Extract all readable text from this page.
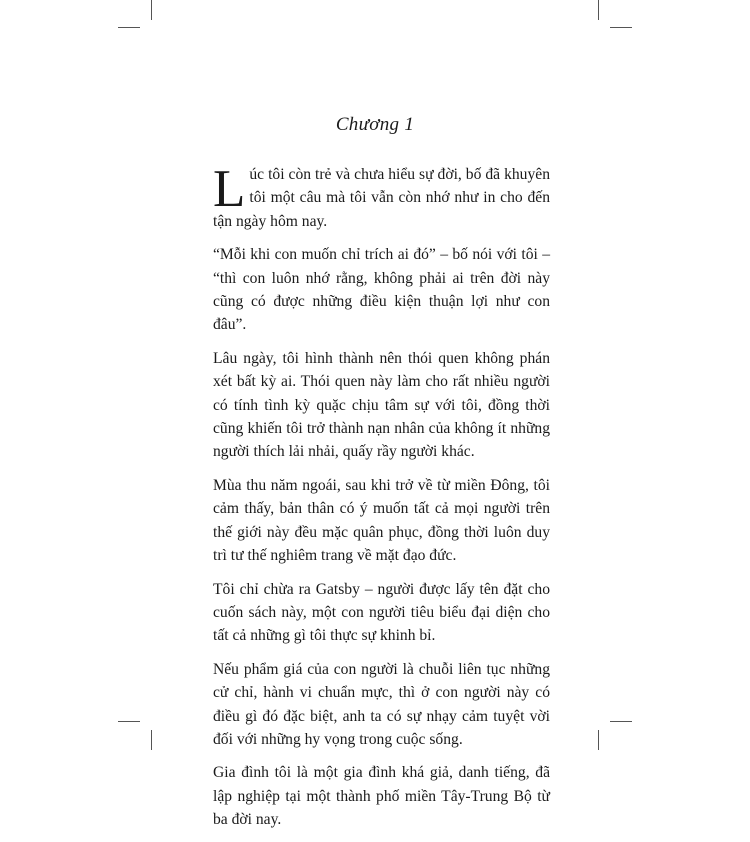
Chương 1

Lúc tôi còn trẻ và chưa hiểu sự đời, bố đã khuyên tôi một câu mà tôi vẫn còn nhớ như in cho đến tận ngày hôm nay.

“Mỗi khi con muốn chỉ trích ai đó” – bố nói với tôi – “thì con luôn nhớ rằng, không phải ai trên đời này cũng có được những điều kiện thuận lợi như con đâu”.

Lâu ngày, tôi hình thành nên thói quen không phán xét bất kỳ ai. Thói quen này làm cho rất nhiều người có tính tình kỳ quặc chịu tâm sự với tôi, đồng thời cũng khiến tôi trở thành nạn nhân của không ít những người thích lải nhải, quấy rầy người khác.

Mùa thu năm ngoái, sau khi trở về từ miền Đông, tôi cảm thấy, bản thân có ý muốn tất cả mọi người trên thế giới này đều mặc quân phục, đồng thời luôn duy trì tư thế nghiêm trang về mặt đạo đức.

Tôi chỉ chừa ra Gatsby – người được lấy tên đặt cho cuốn sách này, một con người tiêu biểu đại diện cho tất cả những gì tôi thực sự khinh bỉ.

Nếu phẩm giá của con người là chuỗi liên tục những cử chỉ, hành vi chuẩn mực, thì ở con người này có điều gì đó đặc biệt, anh ta có sự nhạy cảm tuyệt vời đối với những hy vọng trong cuộc sống.

Gia đình tôi là một gia đình khá giả, danh tiếng, đã lập nghiệp tại một thành phố miền Tây-Trung Bộ từ ba đời nay.
